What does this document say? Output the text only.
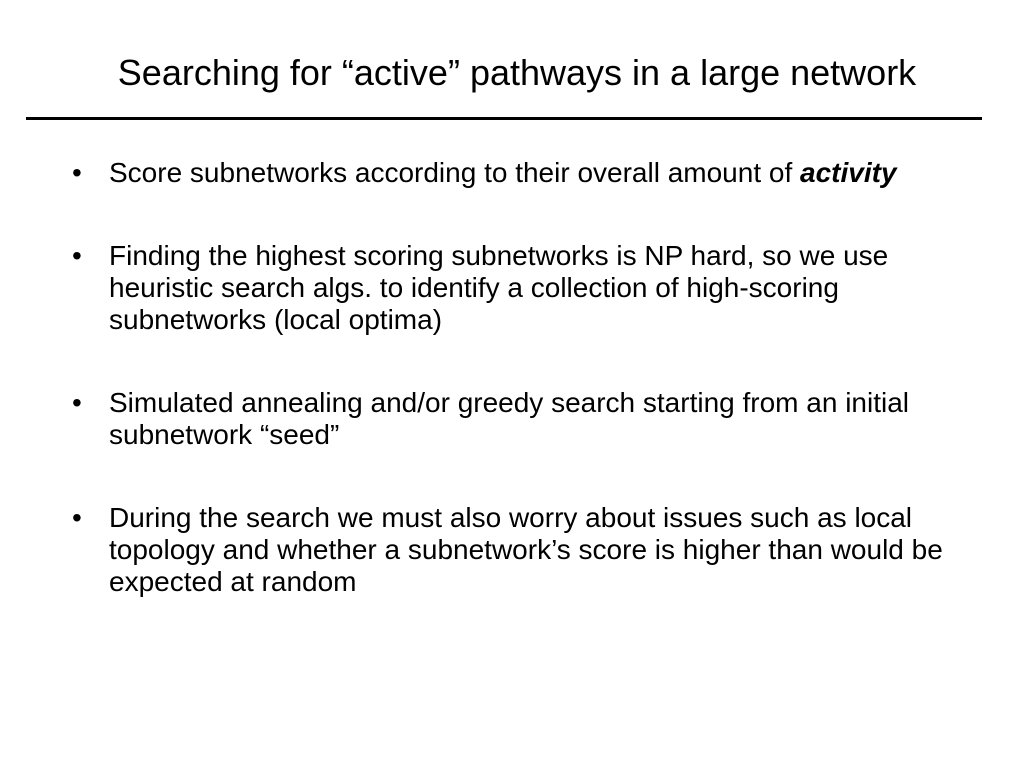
Searching for “active” pathways in a large network
• Score subnetworks according to their overall amount of activity
• Finding the highest scoring subnetworks is NP hard, so we use heuristic search algs. to identify a collection of high-scoring subnetworks (local optima)
• Simulated annealing and/or greedy search starting from an initial subnetwork “seed”
• During the search we must also worry about issues such as local topology and whether a subnetwork’s score is higher than would be expected at random
